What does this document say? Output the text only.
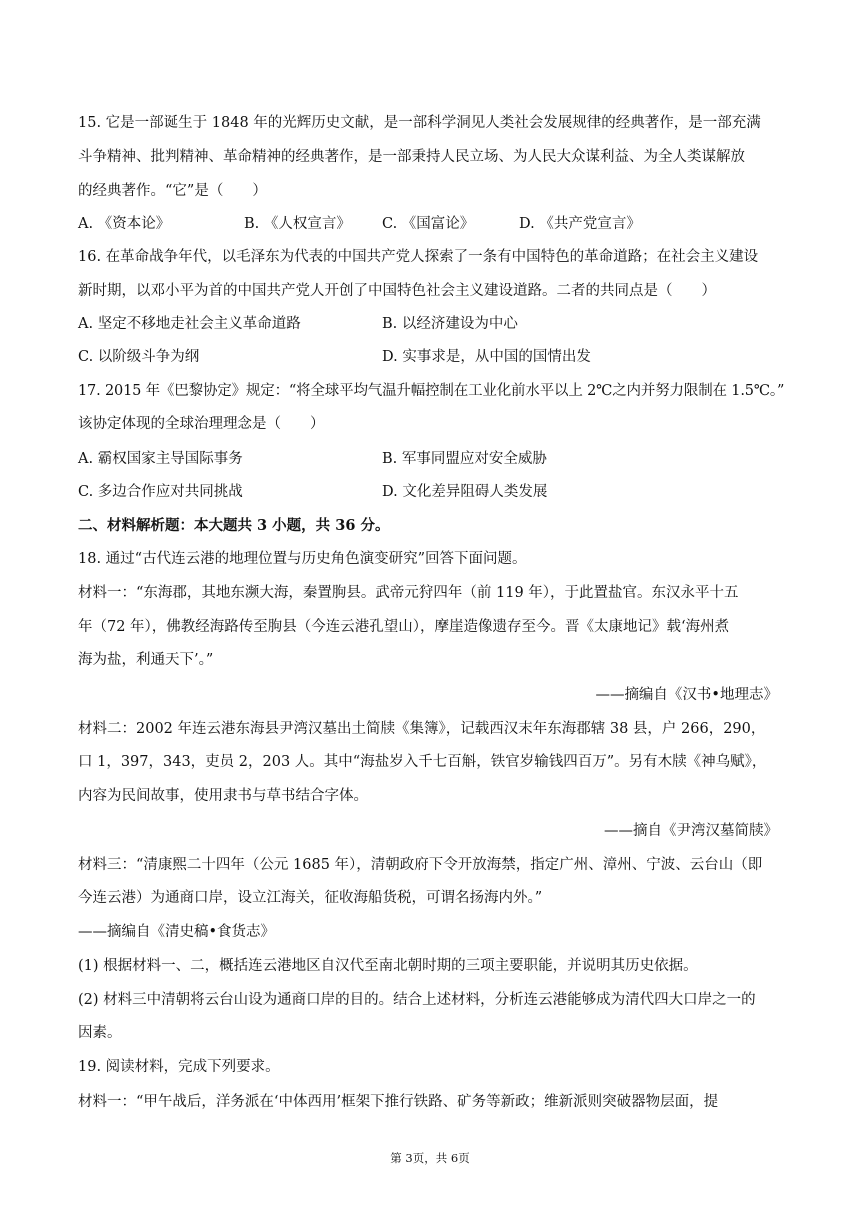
15. 它是一部诞生于 1848 年的光辉历史文献，是一部科学洞见人类社会发展规律的经典著作，是一部充满
斗争精神、批判精神、革命精神的经典著作，是一部秉持人民立场、为人民大众谋利益、为全人类谋解放
的经典著作。“它”是（　　）
A. 《资本论》	B. 《人权宣言》 C. 《国富论》	D. 《共产党宣言》
16. 在革命战争年代，以毛泽东为代表的中国共产党人探索了一条有中国特色的革命道路；在社会主义建设
新时期，以邓小平为首的中国共产党人开创了中国特色社会主义建设道路。二者的共同点是（　　）
A. 坚定不移地走社会主义革命道路	B. 以经济建设为中心
C. 以阶级斗争为纲	D. 实事求是，从中国的国情出发
17. 2015 年《巴黎协定》规定：“将全球平均气温升幅控制在工业化前水平以上 2℃之内并努力限制在 1.5℃。”
该协定体现的全球治理理念是（　　）
A. 霸权国家主导国际事务	B. 军事同盟应对安全威胁
C. 多边合作应对共同挑战	D. 文化差异阻碍人类发展
二、材料解析题：本大题共 3 小题，共 36 分。
18. 通过“古代连云港的地理位置与历史角色演变研究”回答下面问题。
材料一：“东海郡，其地东濒大海，秦置朐县。武帝元狩四年（前 119 年），于此置盐官。东汉永平十五
年（72 年），佛教经海路传至朐县（今连云港孔望山），摩崖造像遗存至今。晋《太康地记》载‘海州煮
海为盐，利通天下’。”
——摘编自《汉书•地理志》
材料二：2002 年连云港东海县尹湾汉墓出土简牍《集簿》，记载西汉末年东海郡辖 38 县，户 266，290，
口 1，397，343，吏员 2，203 人。其中“海盐岁入千七百斛，铁官岁输钱四百万”。另有木牍《神乌赋》，
内容为民间故事，使用隶书与草书结合字体。
——摘自《尹湾汉墓简牍》
材料三：“清康熙二十四年（公元 1685 年），清朝政府下令开放海禁，指定广州、漳州、宁波、云台山（即
今连云港）为通商口岸，设立江海关，征收海船货税，可谓名扬海内外。”
——摘编自《清史稿•食货志》
(1) 根据材料一、二，概括连云港地区自汉代至南北朝时期的三项主要职能，并说明其历史依据。
(2) 材料三中清朝将云台山设为通商口岸的目的。结合上述材料，分析连云港能够成为清代四大口岸之一的
因素。
19. 阅读材料，完成下列要求。
材料一：“甲午战后，洋务派在‘中体西用’框架下推行铁路、矿务等新政；维新派则突破器物层面，提
第 3页，共 6页
